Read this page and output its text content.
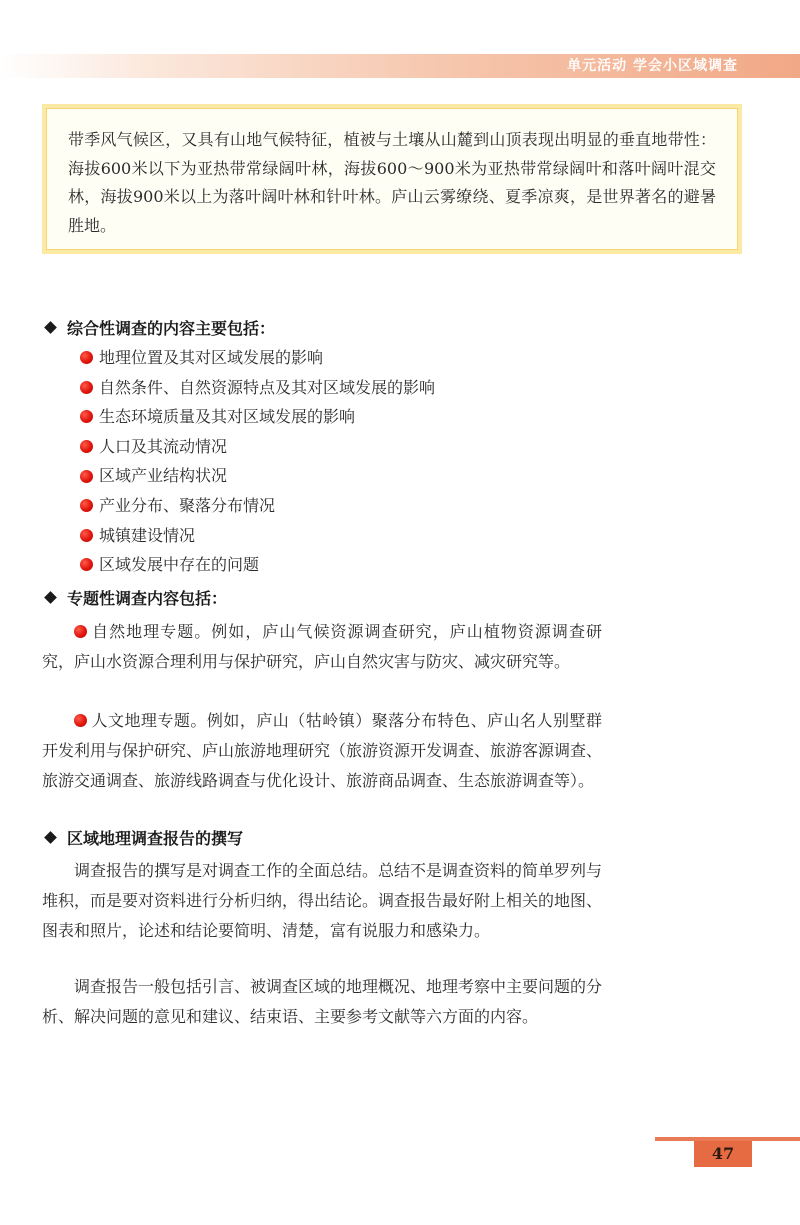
单元活动 学会小区域调查

带季风气候区，又具有山地气候特征，植被与土壤从山麓到山顶表现出明显的垂直地带性：海拔600米以下为亚热带常绿阔叶林，海拔600～900米为亚热带常绿阔叶和落叶阔叶混交林，海拔900米以上为落叶阔叶林和针叶林。庐山云雾缭绕、夏季凉爽，是世界著名的避暑胜地。

综合性调查的内容主要包括：
地理位置及其对区域发展的影响
自然条件、自然资源特点及其对区域发展的影响
生态环境质量及其对区域发展的影响
人口及其流动情况
区域产业结构状况
产业分布、聚落分布情况
城镇建设情况
区域发展中存在的问题
专题性调查内容包括：

自然地理专题。例如，庐山气候资源调查研究，庐山植物资源调查研究，庐山水资源合理利用与保护研究，庐山自然灾害与防灾、减灾研究等。

人文地理专题。例如，庐山（牯岭镇）聚落分布特色、庐山名人别墅群开发利用与保护研究、庐山旅游地理研究（旅游资源开发调查、旅游客源调查、旅游交通调查、旅游线路调查与优化设计、旅游商品调查、生态旅游调查等）。

区域地理调查报告的撰写

调查报告的撰写是对调查工作的全面总结。总结不是调查资料的简单罗列与堆积，而是要对资料进行分析归纳，得出结论。调查报告最好附上相关的地图、图表和照片，论述和结论要简明、清楚，富有说服力和感染力。

调查报告一般包括引言、被调查区域的地理概况、地理考察中主要问题的分析、解决问题的意见和建议、结束语、主要参考文献等六方面的内容。

47
